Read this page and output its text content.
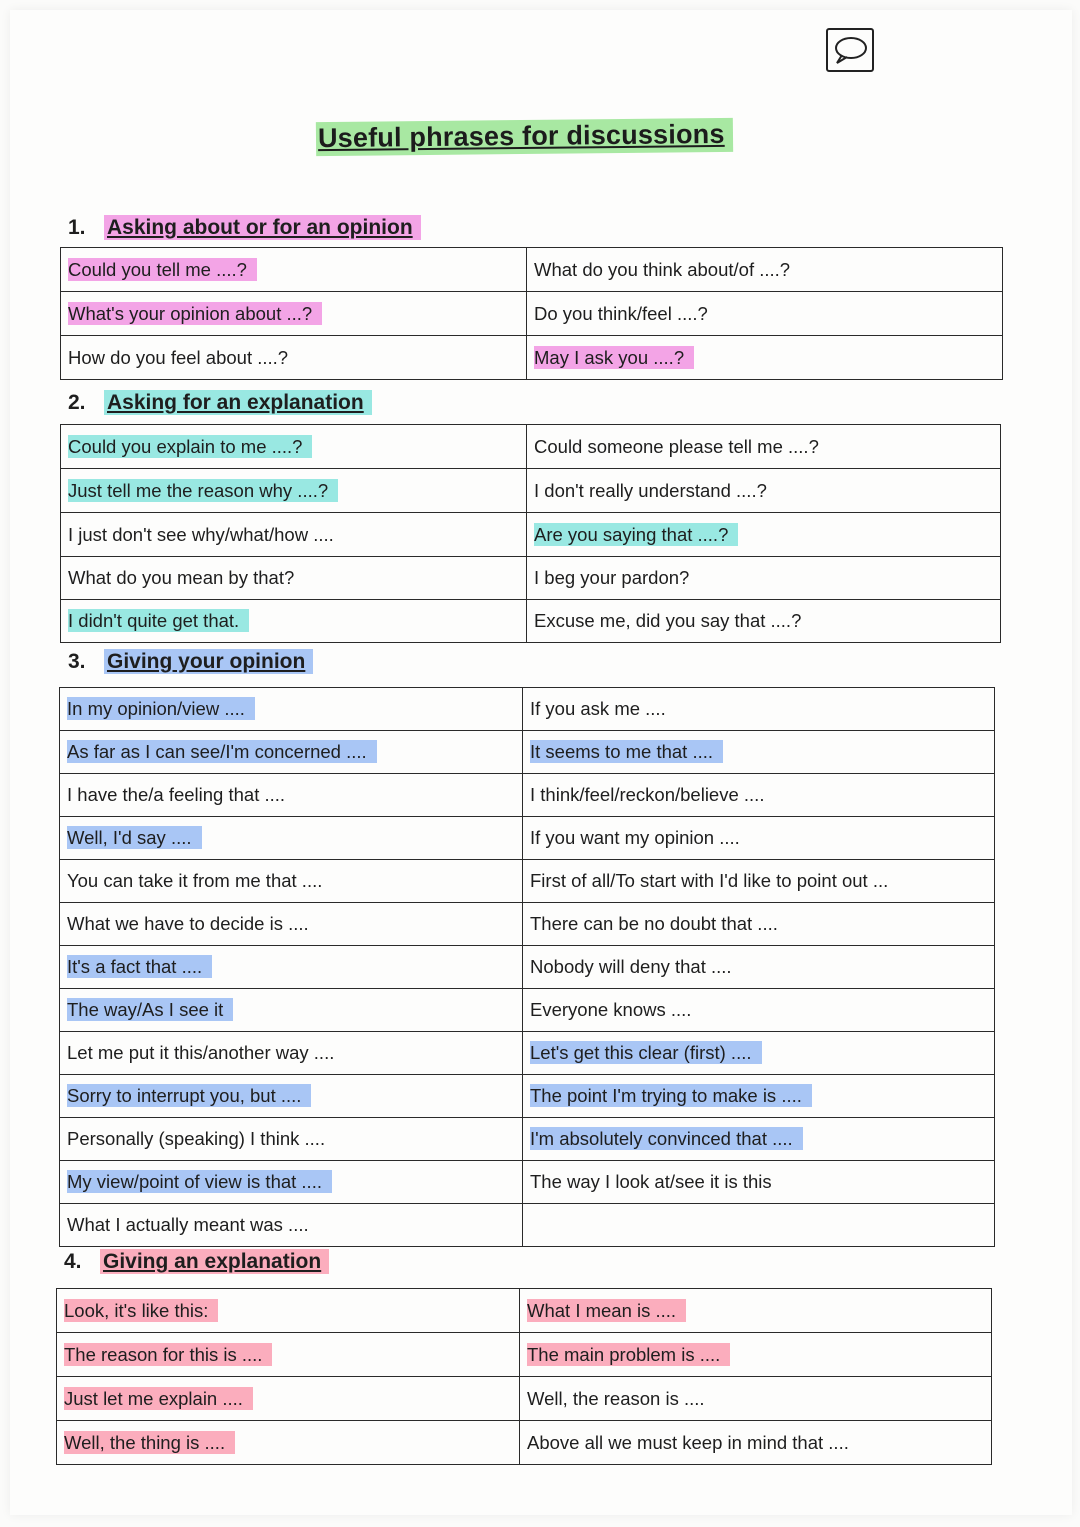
Useful phrases for discussions
1. Asking about or for an opinion
Could you tell me ....?	What do you think about/of ....?
What's your opinion about ...?	Do you think/feel ....?
How do you feel about ....?	May I ask you ....?
2. Asking for an explanation
Could you explain to me ....?	Could someone please tell me ....?
Just tell me the reason why ....?	I don't really understand ....?
I just don't see why/what/how ....	Are you saying that ....?
What do you mean by that?	I beg your pardon?
I didn't quite get that.	Excuse me, did you say that ....?
3. Giving your opinion
In my opinion/view ....	If you ask me ....
As far as I can see/I'm concerned ....	It seems to me that ....
I have the/a feeling that ....	I think/feel/reckon/believe ....
Well, I'd say ....	If you want my opinion ....
You can take it from me that ....	First of all/To start with I'd like to point out ...
What we have to decide is ....	There can be no doubt that ....
It's a fact that ....	Nobody will deny that ....
The way/As I see it	Everyone knows ....
Let me put it this/another way ....	Let's get this clear (first) ....
Sorry to interrupt you, but ....	The point I'm trying to make is ....
Personally (speaking) I think ....	I'm absolutely convinced that ....
My view/point of view is that ....	The way I look at/see it is this
What I actually meant was ....	
4. Giving an explanation
Look, it's like this:	What I mean is ....
The reason for this is ....	The main problem is ....
Just let me explain ....	Well, the reason is ....
Well, the thing is ....	Above all we must keep in mind that ....
